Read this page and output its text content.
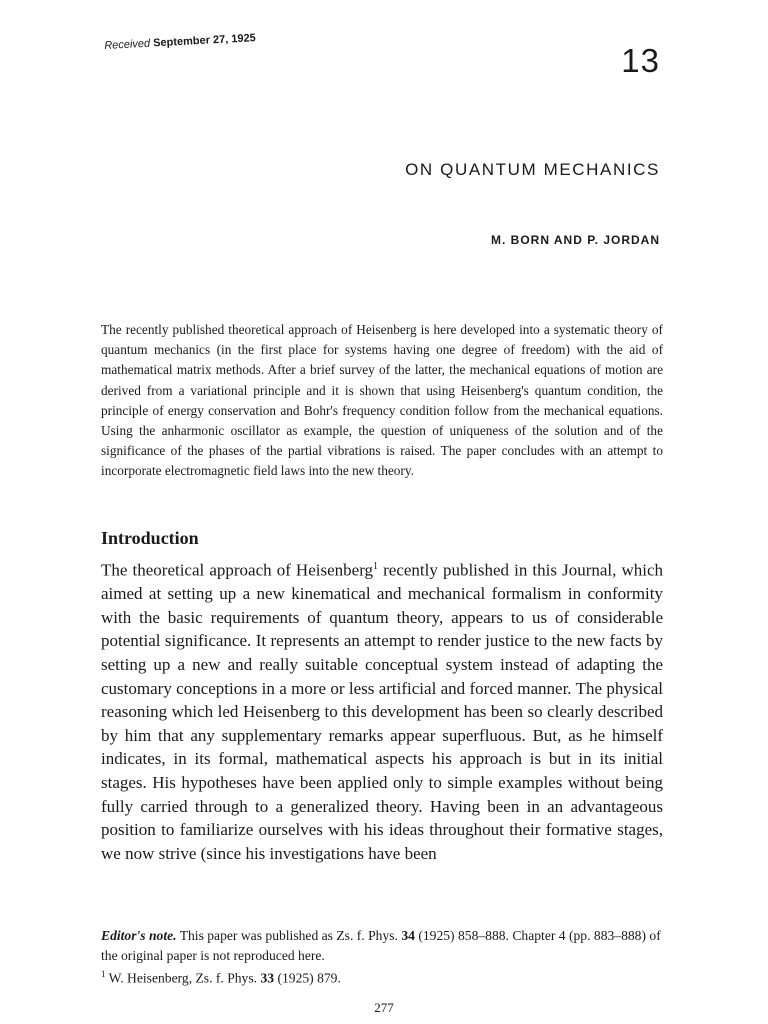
Received September 27, 1925
13
ON QUANTUM MECHANICS
M. BORN AND P. JORDAN

The recently published theoretical approach of Heisenberg is here developed into a systematic theory of quantum mechanics (in the first place for systems having one degree of freedom) with the aid of mathematical matrix methods. After a brief survey of the latter, the mechanical equations of motion are derived from a variational principle and it is shown that using Heisenberg's quantum condition, the principle of energy conservation and Bohr's frequency condition follow from the mechanical equations. Using the anharmonic oscillator as example, the question of uniqueness of the solution and of the significance of the phases of the partial vibrations is raised. The paper concludes with an attempt to incorporate electromagnetic field laws into the new theory.

Introduction

The theoretical approach of Heisenberg$^1$ recently published in this Journal, which aimed at setting up a new kinematical and mechanical formalism in conformity with the basic requirements of quantum theory, appears to us of considerable potential significance. It represents an attempt to render justice to the new facts by setting up a new and really suitable conceptual system instead of adapting the customary conceptions in a more or less artificial and forced manner. The physical reasoning which led Heisenberg to this development has been so clearly described by him that any supplementary remarks appear superfluous. But, as he himself indicates, in its formal, mathematical aspects his approach is but in its initial stages. His hypotheses have been applied only to simple examples without being fully carried through to a generalized theory. Having been in an advantageous position to familiarize ourselves with his ideas throughout their formative stages, we now strive (since his investigations have been

Editor's note. This paper was published as Zs. f. Phys. 34 (1925) 858–888. Chapter 4 (pp. 883–888) of the original paper is not reproduced here.

$^1$ W. Heisenberg, Zs. f. Phys. 33 (1925) 879.

277
